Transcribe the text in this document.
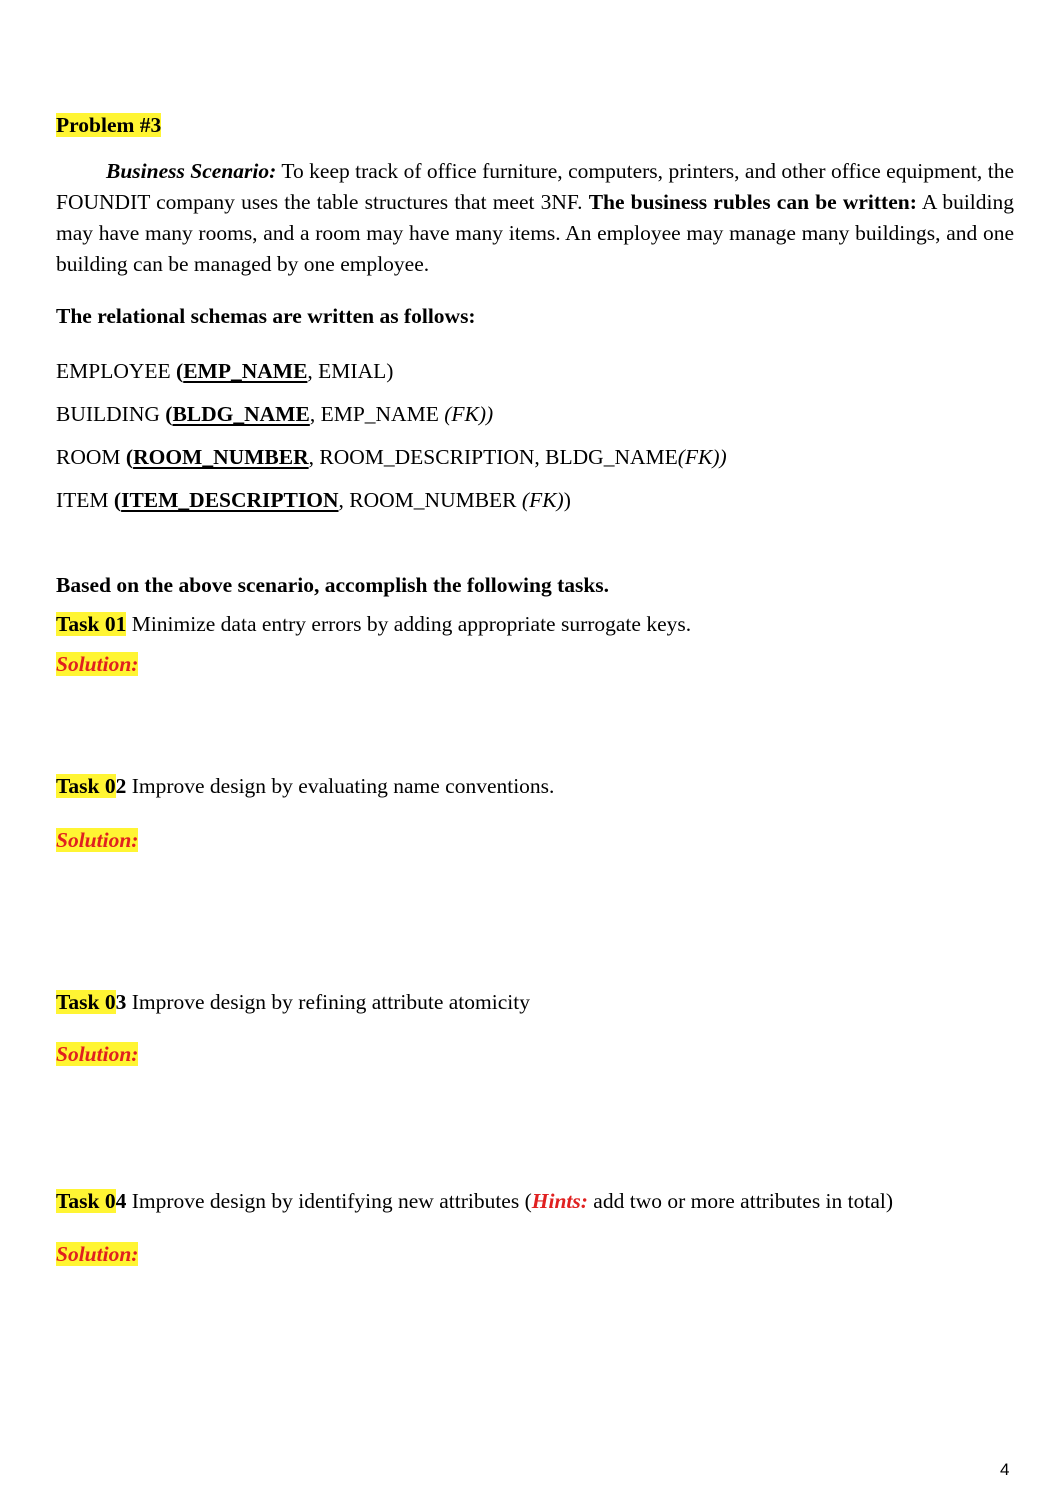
Problem #3
Business Scenario: To keep track of office furniture, computers, printers, and other office equipment, the FOUNDIT company uses the table structures that meet 3NF. The business rubles can be written: A building may have many rooms, and a room may have many items. An employee may manage many buildings, and one building can be managed by one employee.
The relational schemas are written as follows:
EMPLOYEE (EMP_NAME, EMIAL)
BUILDING (BLDG_NAME, EMP_NAME (FK))
ROOM (ROOM_NUMBER, ROOM_DESCRIPTION, BLDG_NAME(FK))
ITEM (ITEM_DESCRIPTION, ROOM_NUMBER (FK))
Based on the above scenario, accomplish the following tasks.
Task 01 Minimize data entry errors by adding appropriate surrogate keys.
Solution:
Task 02 Improve design by evaluating name conventions.
Solution:
Task 03 Improve design by refining attribute atomicity
Solution:
Task 04 Improve design by identifying new attributes (Hints: add two or more attributes in total)
Solution:
4
